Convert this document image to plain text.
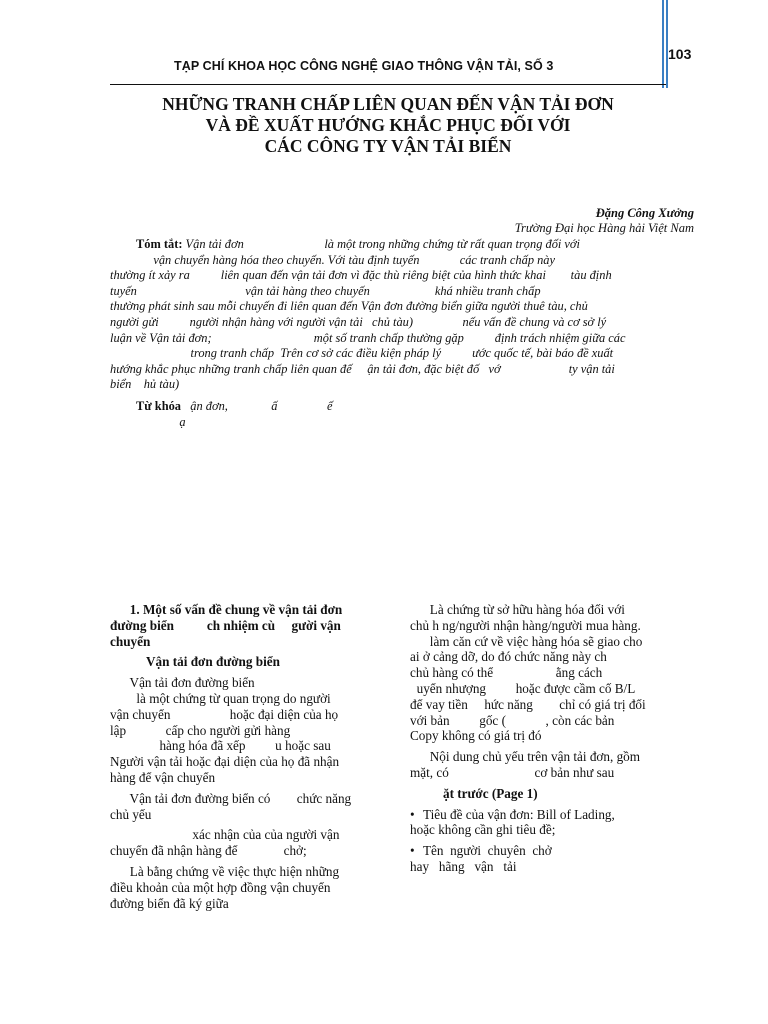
TẠP CHÍ KHOA HỌC CÔNG NGHỆ GIAO THÔNG VẬN TẢI, SỐ 3
103
NHỮNG TRANH CHẤP LIÊN QUAN ĐẾN VẬN TẢI ĐƠN
VÀ ĐỀ XUẤT HƯỚNG KHẮC PHỤC ĐỐI VỚI
CÁC CÔNG TY VẬN TẢI BIỂN
Đặng Công Xưởng
Trường Đại học Hàng hải Việt Nam
Tóm tắt: Vận tải đơn                          là một trong những chứng từ rất quan trọng đối với
vận chuyển hàng hóa theo chuyến. Với tàu định tuyến             các tranh chấp này
thường ít xảy ra          liên quan đến vận tải đơn vì đặc thù riêng biệt của hình thức khai        tàu định
tuyến                                   vận tải hàng theo chuyến                     khá nhiều tranh chấp
thường phát sinh sau mỗi chuyến đi liên quan đến Vận đơn đường biển giữa người thuê tàu, chủ
người gửi          người nhận hàng với người vận tải   chủ tàu)                nếu vấn đề chung và cơ sở lý
luận về Vận tải đơn;                                 một số tranh chấp thường gặp          định trách nhiệm giữa các
trong tranh chấp  Trên cơ sở các điều kiện pháp lý          ước quốc tế, bài báo đề xuất
hướng khắc phục những tranh chấp liên quan đế     ận tải đơn, đặc biệt đố   vớ                      ty vận tải
biển    hủ tàu)
Từ khóa   ận đơn,              ấ                ế
ạ

1. Một số vấn đề chung về vận tải đơn

đường biển          ch nhiệm cù     gười vận

chuyển

Vận tải đơn đường biển

Vận tải đơn đường biển

là một chứng từ quan trọng do người

vận chuyển                  hoặc đại diện của họ

lập            cấp cho người gửi hàng

hàng hóa đã xếp         u hoặc sau

Người vận tải hoặc đại diện của họ đã nhận

hàng để vận chuyển

Vận tải đơn đường biển có        chức năng

chủ yếu

xác nhận của của người vận

chuyển đã nhận hàng để              chở;

Là bằng chứng về việc thực hiện những

điều khoản của một hợp đồng vận chuyển

đường biển đã ký giữa

Là chứng từ sở hữu hàng hóa đối với

chủ h ng/người nhận hàng/người mua hàng.

làm căn cứ về việc hàng hóa sẽ giao cho

ai ở cảng dỡ, do đó chức năng này ch

chủ hàng có thể                   ằng cách

uyển nhượng         hoặc được cầm cố B/L

để vay tiền     hức năng        chỉ có giá trị đối

với bản         gốc (            , còn các bản

Copy không có giá trị đó

Nội dung chủ yếu trên vận tải đơn, gồm

mặt, có                          cơ bản như sau

ặt trước (Page 1)

•   Tiêu đề của vận đơn: Bill of Lading,

hoặc không cần ghi tiêu đề;

•   Tên  người  chuyên  chở

hay   hãng   vận   tải
